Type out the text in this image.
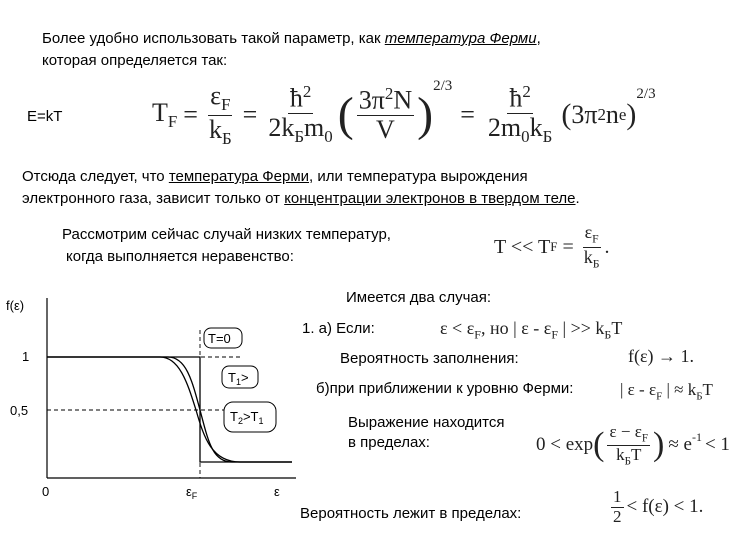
Более удобно использовать такой параметр, как температура Ферми,
которая определяется так:
E=kT	$T_F = \frac{\varepsilon_F}{k_Б} = \frac{ħ^2}{2k_Бm_0}$ ( $\frac{3\pi^2N}{V}$ )
2/3
= $\frac{ħ^2}{2m_0k_Б}$ ( 3π 2 n e )
$^{2/3}$
Отсюда следует, что температура Ферми, или температура вырождения
электронного газа, зависит только от концентрации электронов в твердом теле.
Рассмотрим сейчас случай низких температур,
когда выполняется неравенство:	T << T $F = \frac{\varepsilon_F}{k_Б}$ .
Имеется два случая:
1. а) Если:	$\varepsilon < \varepsilon_F$, но | ε - $\varepsilon_F$ | >> $k_БT$
Вероятность заполнения:	f(ε) → 1.
б)при приближении к уровню Ферми:	| ε - $\varepsilon_F$ | ≈ $k_БT$
Выражение находится
в пределах:	0 < exp ( $\frac{\varepsilon - \varepsilon_F}{k_БT}$ ) ≈ $e^{-1} < 1$
Вероятность лежит в пределах:	$\frac{1}{2} < f(\varepsilon) < 1$.
f(ε)
1
0,5
0	ε
$\varepsilon_F$
T=0
$T_1>$
$T_2>T_1$
